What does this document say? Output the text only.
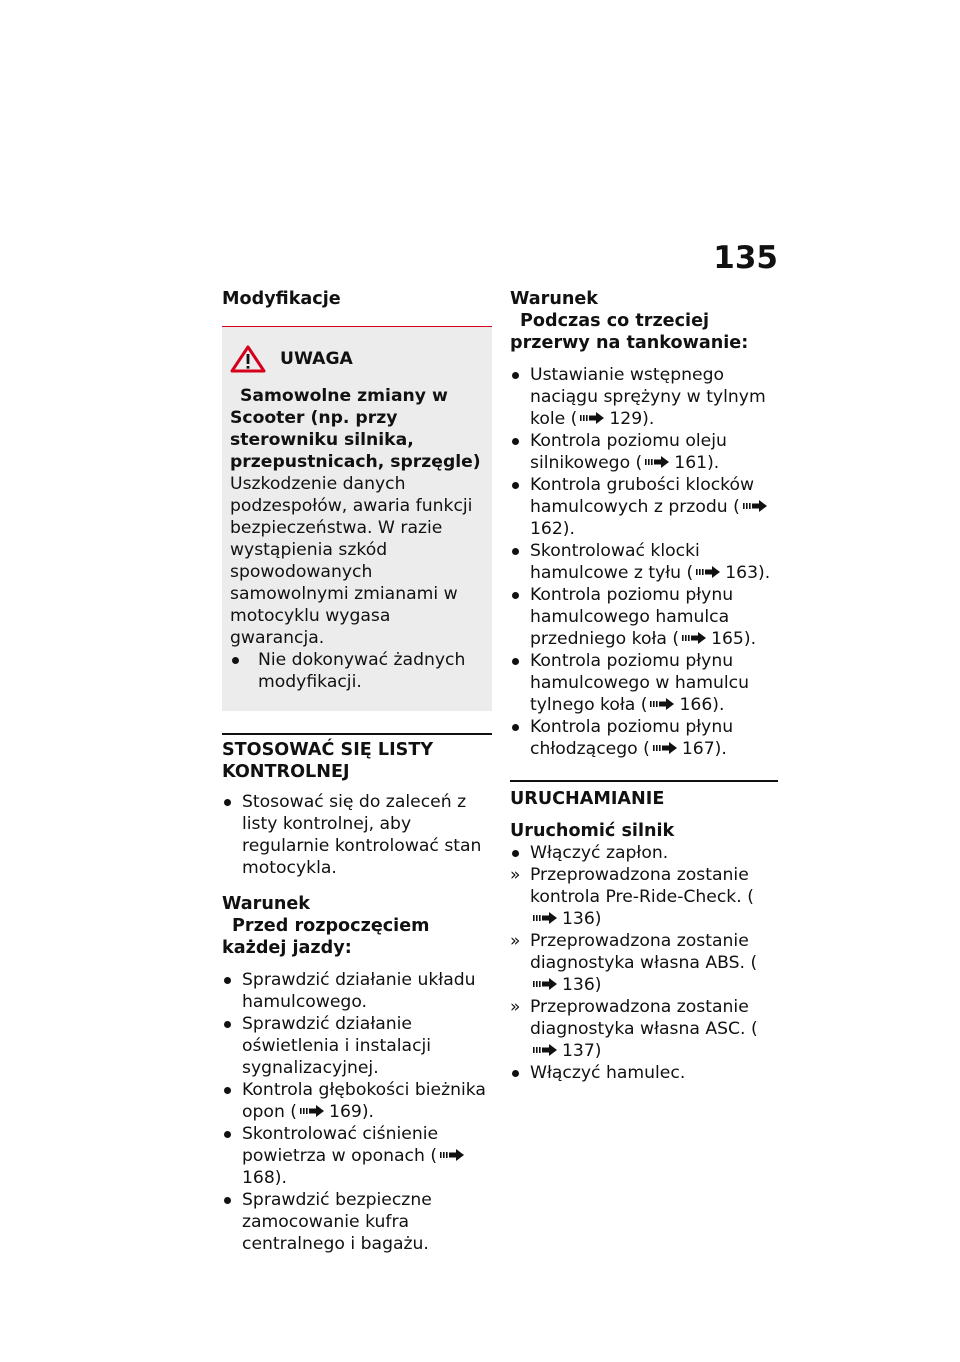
135
Modyfikacje
UWAGA
Samowolne zmiany w Scooter (np. przy sterowniku silnika, przepustnicach, sprzęgle)
Uszkodzenie danych podzespołów, awaria funkcji bezpieczeństwa. W razie wystąpienia szkód spowodowanych samowolnymi zmianami w motocyklu wygasa gwarancja.
Nie dokonywać żadnych modyfikacji.
STOSOWAĆ SIĘ LISTY KONTROLNEJ
Stosować się do zaleceń z listy kontrolnej, aby regularnie kontrolować stan motocykla.
Warunek
Przed rozpoczęciem każdej jazdy:
Sprawdzić działanie układu hamulcowego.
Sprawdzić działanie oświetlenia i instalacji sygnalizacyjnej.
Kontrola głębokości bieżnika opon ( 169).
Skontrolować ciśnienie powietrza w oponach (168).
Sprawdzić bezpieczne zamocowanie kufra centralnego i bagażu.
Warunek
Podczas co trzeciej przerwy na tankowanie:
Ustawianie wstępnego naciągu sprężyny w tylnym kole ( 129).
Kontrola poziomu oleju silnikowego ( 161).
Kontrola grubości klocków hamulcowych z przodu (162).
Skontrolować klocki hamulcowe z tyłu ( 163).
Kontrola poziomu płynu hamulcowego hamulca przedniego koła ( 165).
Kontrola poziomu płynu hamulcowego w hamulcu tylnego koła ( 166).
Kontrola poziomu płynu chłodzącego ( 167).
URUCHAMIANIE
Uruchomić silnik
Włączyć zapłon.
» Przeprowadzona zostanie kontrola Pre-Ride-Check. (136)
» Przeprowadzona zostanie diagnostyka własna ABS. (136)
» Przeprowadzona zostanie diagnostyka własna ASC. (137)
Włączyć hamulec.
